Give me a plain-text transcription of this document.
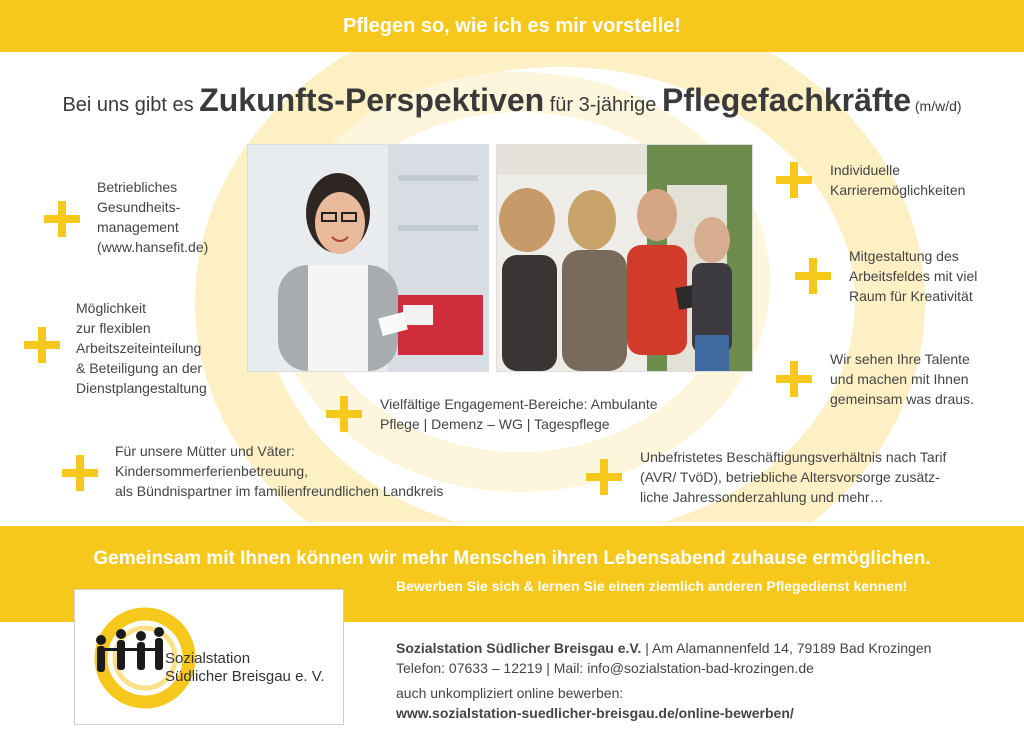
Pflegen so, wie ich es mir vorstelle!
Bei uns gibt es Zukunfts-Perspektiven für 3-jährige Pflegefachkräfte (m/w/d)
Betriebliches
Gesundheits-
management
(www.hansefit.de)
Möglichkeit
zur flexiblen
Arbeitszeiteinteilung
& Beteiligung an der
Dienstplangestaltung
Vielfältige Engagement-Bereiche: Ambulante
Pflege | Demenz – WG | Tagespflege
Für unsere Mütter und Väter:
Kindersommerferienbetreuung,
als Bündnispartner im familienfreundlichen Landkreis
Individuelle
Karrieremöglichkeiten
Mitgestaltung des
Arbeitsfeldes mit viel
Raum für Kreativität
Wir sehen Ihre Talente
und machen mit Ihnen
gemeinsam was draus.
Unbefristetes Beschäftigungsverhältnis nach Tarif
(AVR/ TvöD), betriebliche Altersvorsorge zusätz-
liche Jahressonderzahlung und mehr…
Gemeinsam mit Ihnen können wir mehr Menschen ihren Lebensabend zuhause ermöglichen.
Bewerben Sie sich & lernen Sie einen ziemlich anderen Pflegedienst kennen!
Sozialstation
Südlicher Breisgau e. V.
Sozialstation Südlicher Breisgau e.V. | Am Alamannenfeld 14, 79189 Bad Krozingen
Telefon: 07633 – 12219 | Mail: info@sozialstation-bad-krozingen.de
auch unkompliziert online bewerben:
www.sozialstation-suedlicher-breisgau.de/online-bewerben/
